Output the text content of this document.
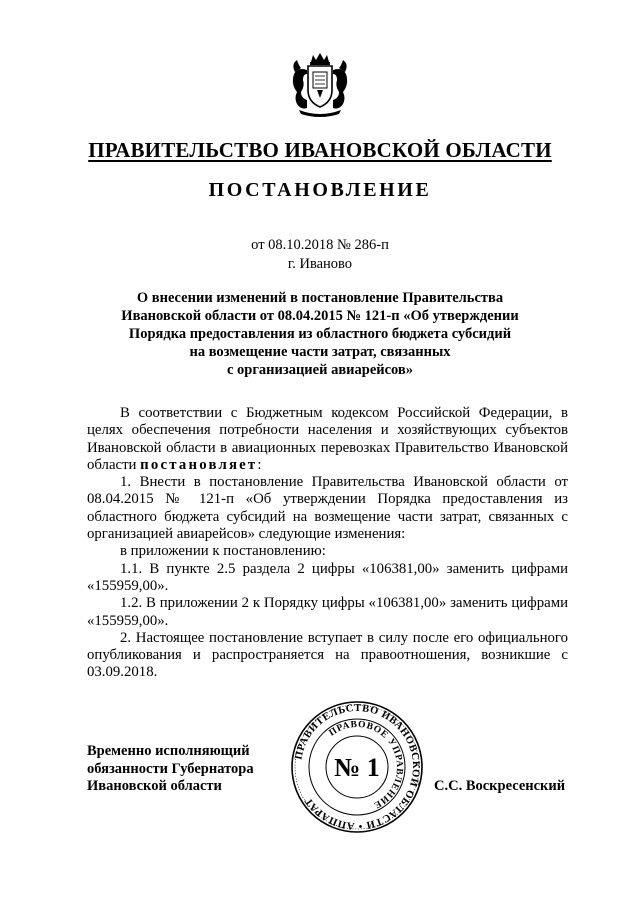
ПРАВИТЕЛЬСТВО ИВАНОВСКОЙ ОБЛАСТИ
ПОСТАНОВЛЕНИЕ
от 08.10.2018 № 286-п
г. Иваново
О внесении изменений в постановление Правительства
Ивановской области от 08.04.2015 № 121-п «Об утверждении
Порядка предоставления из областного бюджета субсидий
на возмещение части затрат, связанных
с организацией авиарейсов»

В соответствии с Бюджетным кодексом Российской Федерации, в целях обеспечения потребности населения и хозяйствующих субъектов Ивановской области в авиационных перевозках Правительство Ивановской области постановляет:

1. Внести в постановление Правительства Ивановской области от 08.04.2015 № 121-п «Об утверждении Порядка предоставления из областного бюджета субсидий на возмещение части затрат, связанных с организацией авиарейсов» следующие изменения:

в приложении к постановлению:

1.1. В пункте 2.5 раздела 2 цифры «106381,00» заменить цифрами «155959,00».

1.2. В приложении 2 к Порядку цифры «106381,00» заменить цифрами «155959,00».

2. Настоящее постановление вступает в силу после его официального опубликования и распространяется на правоотношения, возникшие с 03.09.2018.

Временно исполняющий
обязанности Губернатора
Ивановской области
ПРАВИТЕЛЬСТВО ИВАНОВСКОЙ ОБЛАСТИ • АППАРАТ
ПРАВОВОЕ УПРАВЛЕНИЕ
№ 1
С.С. Воскресенский
